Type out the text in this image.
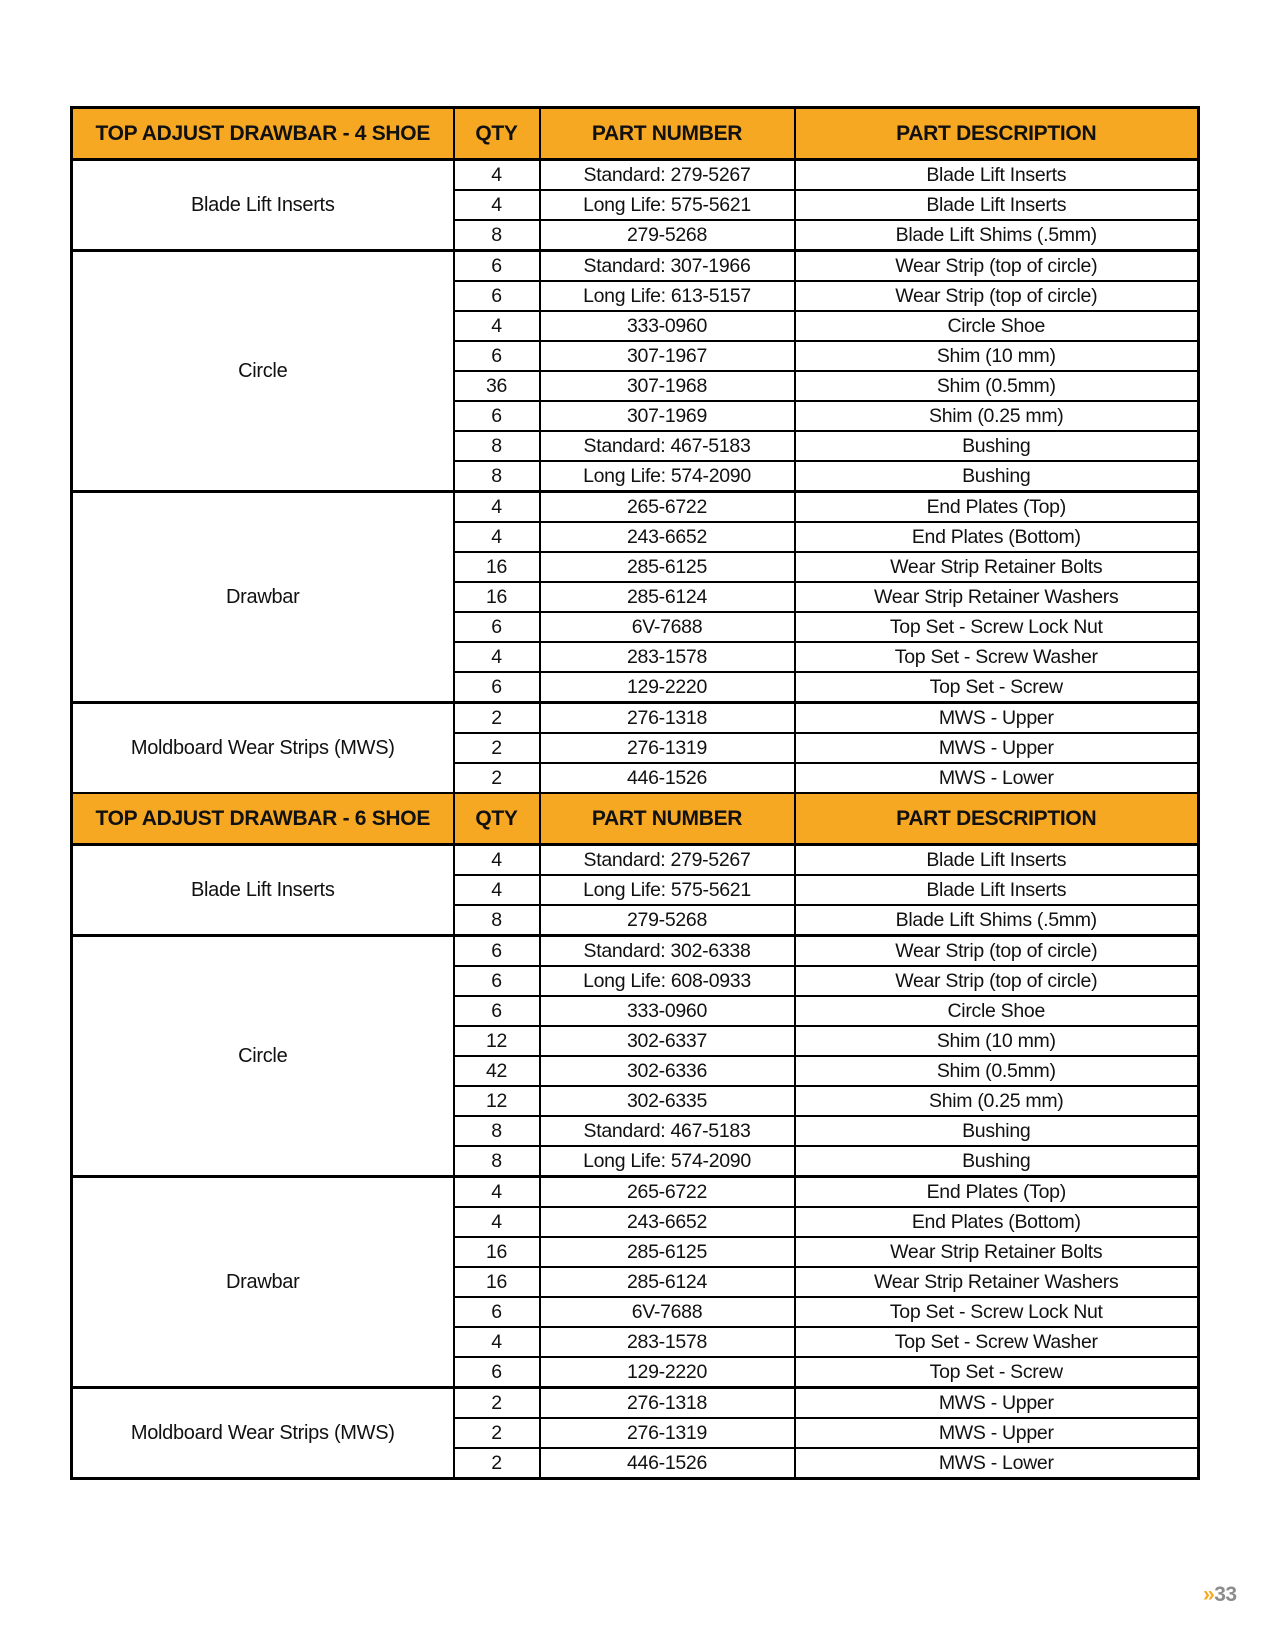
TOP ADJUST DRAWBAR - 4 SHOE	QTY	PART NUMBER	PART DESCRIPTION
Blade Lift Inserts	4	Standard: 279-5267	Blade Lift Inserts
	4	Long Life: 575-5621	Blade Lift Inserts
	8	279-5268	Blade Lift Shims (.5mm)
Circle	6	Standard: 307-1966	Wear Strip (top of circle)
	6	Long Life: 613-5157	Wear Strip (top of circle)
	4	333-0960	Circle Shoe
	6	307-1967	Shim (10 mm)
	36	307-1968	Shim (0.5mm)
	6	307-1969	Shim (0.25 mm)
	8	Standard: 467-5183	Bushing
	8	Long Life: 574-2090	Bushing
Drawbar	4	265-6722	End Plates (Top)
	4	243-6652	End Plates (Bottom)
	16	285-6125	Wear Strip Retainer Bolts
	16	285-6124	Wear Strip Retainer Washers
	6	6V-7688	Top Set - Screw Lock Nut
	4	283-1578	Top Set - Screw Washer
	6	129-2220	Top Set - Screw
Moldboard Wear Strips (MWS)	2	276-1318	MWS - Upper
	2	276-1319	MWS - Upper
	2	446-1526	MWS - Lower
TOP ADJUST DRAWBAR - 6 SHOE	QTY	PART NUMBER	PART DESCRIPTION
Blade Lift Inserts	4	Standard: 279-5267	Blade Lift Inserts
	4	Long Life: 575-5621	Blade Lift Inserts
	8	279-5268	Blade Lift Shims (.5mm)
Circle	6	Standard: 302-6338	Wear Strip (top of circle)
	6	Long Life: 608-0933	Wear Strip (top of circle)
	6	333-0960	Circle Shoe
	12	302-6337	Shim (10 mm)
	42	302-6336	Shim (0.5mm)
	12	302-6335	Shim (0.25 mm)
	8	Standard: 467-5183	Bushing
	8	Long Life: 574-2090	Bushing
Drawbar	4	265-6722	End Plates (Top)
	4	243-6652	End Plates (Bottom)
	16	285-6125	Wear Strip Retainer Bolts
	16	285-6124	Wear Strip Retainer Washers
	6	6V-7688	Top Set - Screw Lock Nut
	4	283-1578	Top Set - Screw Washer
	6	129-2220	Top Set - Screw
Moldboard Wear Strips (MWS)	2	276-1318	MWS - Upper
	2	276-1319	MWS - Upper
	2	446-1526	MWS - Lower
»33
